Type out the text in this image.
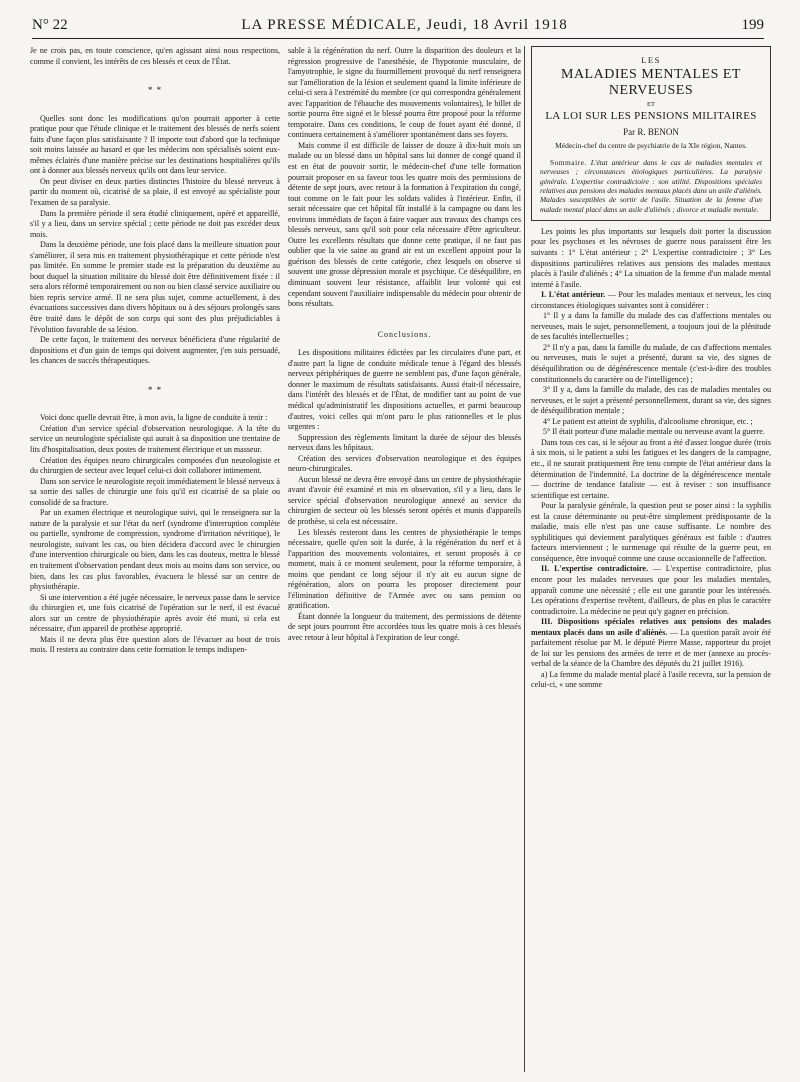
N° 22	LA PRESSE MÉDICALE, Jeudi, 18 Avril 1918	199

Je ne crois pas, en toute conscience, qu'en agissant ainsi nous respections, comme il convient, les intérêts de ces blessés et ceux de l'État.

* *

Quelles sont donc les modifications qu'on pourrait apporter à cette pratique pour que l'étude clinique et le traitement des blessés de nerfs soient faits d'une façon plus satisfaisante ? Il importe tout d'abord que la technique soit moins laissée au hasard et que les médecins non spécialisés soient eux-mêmes éclairés d'une manière précise sur les destinations hospitalières qu'ils ont à donner aux blessés nerveux qu'ils ont dans leur service.

On peut diviser en deux parties distinctes l'histoire du blessé nerveux à partir du moment où, cicatrisé de sa plaie, il est envoyé au spécialiste pour l'examen de sa paralysie.

Dans la première période il sera étudié cliniquement, opéré et appareillé, s'il y a lieu, dans un service spécial ; cette période ne doit pas excéder deux mois.

Dans la deuxième période, une fois placé dans la meilleure situation pour s'améliorer, il sera mis en traitement physiothérapique et cette période n'est pas limitée. En somme le premier stade est la préparation du deuxième au bout duquel la situation militaire du blessé doit être définitivement fixée : il sera alors réformé temporairement ou non ou bien classé service auxiliaire ou bien repris service armé. Il ne sera plus sujet, comme actuellement, à des évacuations successives dans divers hôpitaux ou à des séjours prolongés sans être traité dans le dépôt de son corps qui sont des plus préjudiciables à l'évolution favorable de sa lésion.

De cette façon, le traitement des nerveux bénéficiera d'une régularité de dispositions et d'un gain de temps qui doivent augmenter, j'en suis persuadé, les chances de succès thérapeutiques.

* *

Voici donc quelle devrait être, à mon avis, la ligne de conduite à tenir :

Création d'un service spécial d'observation neurologique. A la tête du service un neurologiste spécialiste qui aurait à sa disposition une trentaine de lits d'hospitalisation, deux postes de traitement électrique et un masseur.

Création des équipes neuro chirurgicales composées d'un neurologiste et du chirurgien de secteur avec lequel celui-ci doit collaborer intimement.

Dans son service le neurologiste reçoit immédiatement le blessé nerveux à sa sortie des salles de chirurgie une fois qu'il est cicatrisé de sa plaie ou consolidé de sa fracture.

Par un examen électrique et neurologique suivi, qui le renseignera sur la nature de la paralysie et sur l'état du nerf (syndrome d'interruption complète ou partielle, syndrome de compression, syndrome d'irritation névritique), le neurologiste, suivant les cas, ou bien décidera d'accord avec le chirurgien d'une intervention chirurgicale ou bien, dans les cas douteux, mettra le blessé en traitement d'observation pendant deux mois au moins dans son service, ou bien, dans les cas plus favorables, évacuera le blessé sur un centre de physiothérapie.

Si une intervention a été jugée nécessaire, le nerveux passe dans le service du chirurgien et, une fois cicatrisé de l'opération sur le nerf, il est évacué alors sur un centre de physiothérapie après avoir été muni, si cela est nécessaire, d'un appareil de prothèse approprié.

Mais il ne devra plus être question alors de l'évacuer au bout de trois mois. Il restera au contraire dans cette formation le temps indispen-

sable à la régénération du nerf. Outre la disparition des douleurs et la régression progressive de l'anesthésie, de l'hypotonie musculaire, de l'amyotrophie, le signe du fourmillement provoqué du nerf renseignera sur l'amélioration de la lésion et seulement quand la limite inférieure de celui-ci sera à l'extrémité du membre (ce qui correspondra généralement avec l'apparition de l'ébauche des mouvements volontaires), le billet de sortie pourra être signé et le blessé pourra être proposé pour la réforme temporaire. Dans ces conditions, le coup de fouet ayant été donné, il continuera certainement à s'améliorer spontanément dans ses foyers.

Mais comme il est difficile de laisser de douze à dix-huit mois un malade ou un blessé dans un hôpital sans lui donner de congé quand il est en état de pouvoir sortir, le médecin-chef d'une telle formation pourrait proposer en sa faveur tous les quatre mois des permissions de détente de sept jours, avec retour à la formation à l'expiration du congé, tout comme on le fait pour les soldats valides à l'intérieur. Enfin, il serait nécessaire que cet hôpital fût installé à la campagne ou dans les environs immédiats de façon à faire vaquer aux travaux des champs ces blessés nerveux, sans qu'il soit pour cela nécessaire d'être agriculteur. Outre les excellents résultats que donne cette pratique, il ne faut pas oublier que la vie saine au grand air est un excellent appoint pour la guérison des blessés de cette catégorie, chez lesquels on observe si souvent une grosse dépression morale et psychique. Ce déséquilibre, en diminuant souvent leur résistance, affaiblit leur volonté qui est cependant souvent l'auxiliaire indispensable du médecin pour obtenir de bons résultats.

Conclusions.

Les dispositions militaires édictées par les circulaires d'une part, et d'autre part la ligne de conduite médicale tenue à l'égard des blessés nerveux périphériques de guerre ne semblent pas, d'une façon générale, donner le maximum de résultats satisfaisants. Aussi était-il nécessaire, dans l'intérêt des blessés et de l'État, de modifier tant au point de vue médical qu'administratif les dispositions actuelles, et parmi beaucoup d'autres, voici celles qui m'ont paru le plus rationnelles et le plus urgentes :

Suppression des règlements limitant la durée de séjour des blessés nerveux dans les hôpitaux.

Création des services d'observation neurologique et des équipes neuro-chirurgicales.

Aucun blessé ne devra être envoyé dans un centre de physiothérapie avant d'avoir été examiné et mis en observation, s'il y a lieu, dans le service spécial d'observation neurologique annexé au service du chirurgien de secteur où les blessés seront opérés et munis d'appareils de prothèse, si cela est nécessaire.

Les blessés resteront dans les centres de physiothérapie le temps nécessaire, quelle qu'en soit la durée, à la régénération du nerf et à l'apparition des mouvements volontaires, et seront proposés à ce moment, mais à ce moment seulement, pour la réforme temporaire, à moins que pendant ce long séjour il n'y ait eu aucun signe de régénération, alors on pourra les proposer directement pour l'élimination définitive de l'Armée avec ou sans pension ou gratification.

Étant donnée la longueur du traitement, des permissions de détente de sept jours pourront être accordées tous les quatre mois à ces blessés avec retour à leur hôpital à l'expiration de leur congé.

LES
MALADIES MENTALES ET NERVEUSES
ET
LA LOI SUR LES PENSIONS MILITAIRES
Par R. BENON
Médecin-chef du centre de psychiatrie de la XIe région, Nantes.

Sommaire. L'état antérieur dans le cas de maladies mentales et nerveuses ; circonstances étiologiques particulières. La paralysie générale. L'expertise contradictoire : son utilité. Dispositions spéciales relatives aux pensions des malades mentaux placés dans un asile d'aliénés. Malades susceptibles de sortir de l'asile. Situation de la femme d'un malade mental placé dans un asile d'aliénés ; divorce et maladie mentale.

Les points les plus importants sur lesquels doit porter la discussion pour les psychoses et les névroses de guerre nous paraissent être les suivants : 1° L'état antérieur ; 2° L'expertise contradictoire ; 3° Les dispositions particulières relatives aux pensions des malades mentaux placés à l'asile d'aliénés ; 4° La situation de la femme d'un malade mental interné à l'asile.

I. L'état antérieur. — Pour les malades mentaux et nerveux, les cinq circonstances étiologiques suivantes sont à considérer :

1° Il y a dans la famille du malade des cas d'affections mentales ou nerveuses, mais le sujet, personnellement, a toujours joui de la plénitude de ses facultés intellectuelles ;

2° Il n'y a pas, dans la famille du malade, de cas d'affections mentales ou nerveuses, mais le sujet a présenté, durant sa vie, des signes de déséquilibration ou de dégénérescence mentale (c'est-à-dire des troubles constitutionnels du caractère ou de l'intelligence) ;

3° Il y a, dans la famille du malade, des cas de maladies mentales ou nerveuses, et le sujet a présenté personnellement, durant sa vie, des signes de déséquilibration mentale ;

4° Le patient est atteint de syphilis, d'alcoolisme chronique, etc. ;

5° Il était porteur d'une maladie mentale ou nerveuse avant la guerre.

Dans tous ces cas, si le séjour au front a été d'assez longue durée (trois à six mois, si le patient a subi les fatigues et les dangers de la campagne, etc., il ne saurait pratiquement être tenu compte de l'état antérieur dans la détermination de l'indemnité. La doctrine de la dégénérescence mentale — doctrine de tendance fataliste — est à reviser : son insuffisance scientifique est certaine.

Pour la paralysie générale, la question peut se poser ainsi : la syphilis est la cause déterminante ou peut-être simplement prédisposante de la maladie, mais elle n'est pas une cause suffisante. Le nombre des syphilitiques qui deviennent paralytiques généraux est faible : d'autres facteurs interviennent ; le surmenage qui résulte de la guerre peut, en conséquence, être invoqué comme une cause occasionnelle de l'affection.

II. L'expertise contradictoire. — L'expertise contradictoire, plus encore pour les malades nerveuses que pour les maladies mentales, apparaît comme une nécessité ; elle est une garantie pour les intéressés. Les opérations d'expertise revêtent, d'ailleurs, de plus en plus le caractère contradictoire. La médecine ne peut qu'y gagner en précision.

III. Dispositions spéciales relatives aux pensions des malades mentaux placés dans un asile d'aliénés. — La question paraît avoir été parfaitement résolue par M. le député Pierre Masse, rapporteur du projet de loi sur les pensions des armées de terre et de mer (annexe au procès-verbal de la séance de la Chambre des députés du 21 juillet 1916).

a) La femme du malade mental placé à l'asile recevra, sur la pension de celui-ci, « une somme
